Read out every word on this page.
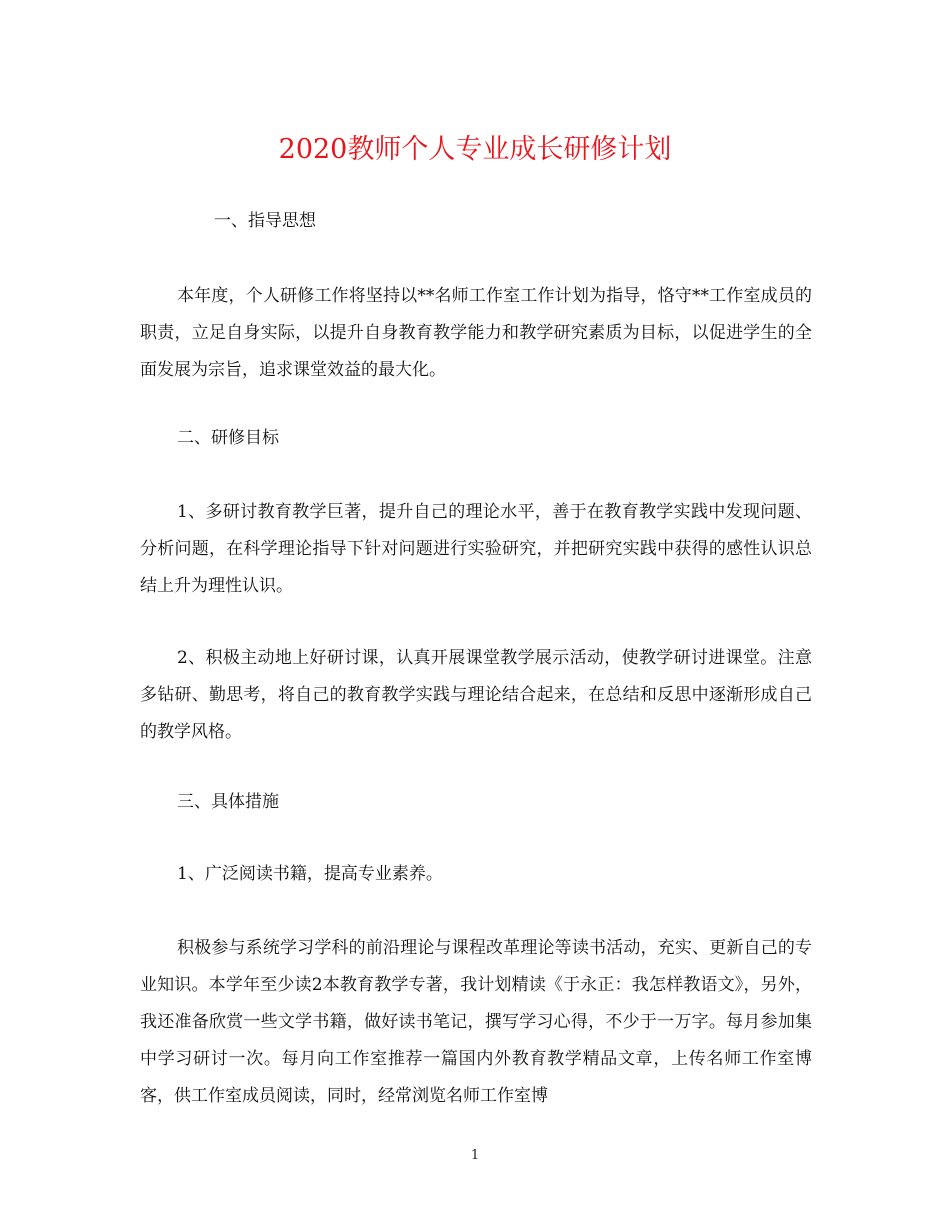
2020教师个人专业成长研修计划

一、指导思想

本年度，个人研修工作将坚持以**名师工作室工作计划为指导，恪守**工作室成员的职责，立足自身实际，以提升自身教育教学能力和教学研究素质为目标，以促进学生的全面发展为宗旨，追求课堂效益的最大化。

二、研修目标

1、多研讨教育教学巨著，提升自己的理论水平，善于在教育教学实践中发现问题、分析问题，在科学理论指导下针对问题进行实验研究，并把研究实践中获得的感性认识总结上升为理性认识。

2、积极主动地上好研讨课，认真开展课堂教学展示活动，使教学研讨进课堂。注意多钻研、勤思考，将自己的教育教学实践与理论结合起来，在总结和反思中逐渐形成自己的教学风格。

三、具体措施

1、广泛阅读书籍，提高专业素养。

积极参与系统学习学科的前沿理论与课程改革理论等读书活动，充实、更新自己的专业知识。本学年至少读2本教育教学专著，我计划精读《于永正：我怎样教语文》，另外，我还准备欣赏一些文学书籍，做好读书笔记，撰写学习心得，不少于一万字。每月参加集中学习研讨一次。每月向工作室推荐一篇国内外教育教学精品文章，上传名师工作室博客，供工作室成员阅读，同时，经常浏览名师工作室博

1
